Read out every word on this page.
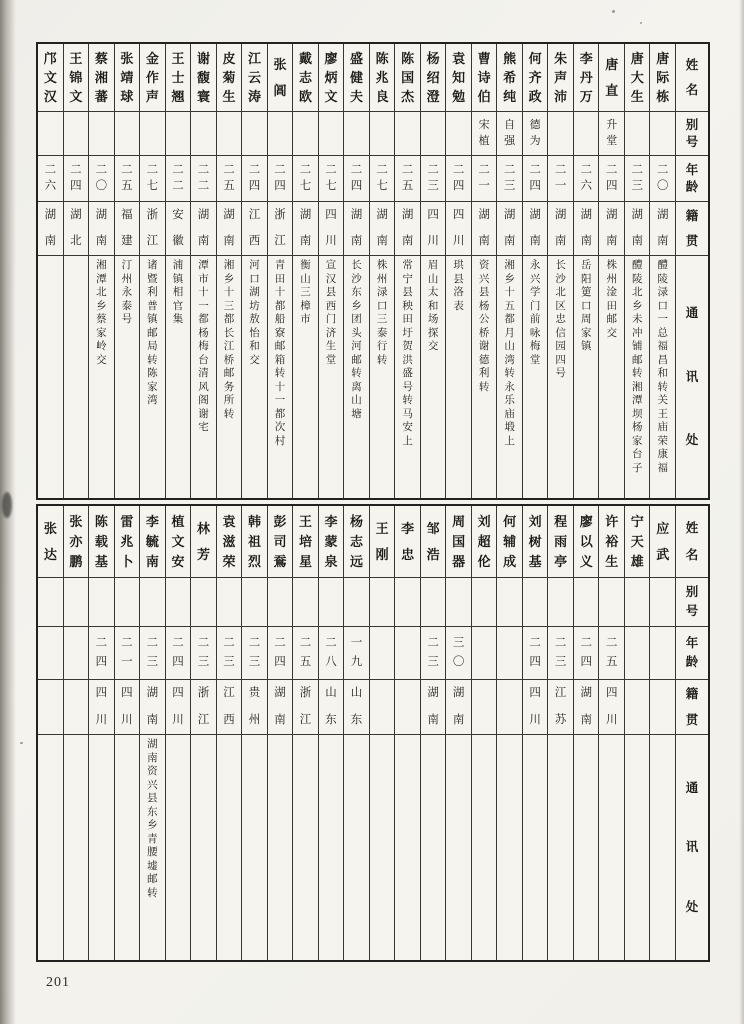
姓
名
别
号
年
龄
籍
贯
通
讯
处
唐
际
栋
二
〇
湖
南
醴
陵
渌
口
一
总
福
昌
和
转
关
王
庙
荣
康
福
唐
大
生
二
三
湖
南
醴
陵
北
乡
未
冲
铺
邮
转
湘
潭
坝
杨
家
台
子
唐
直
升
堂
二
四
湖
南
株
州
淦
田
邮
交
李
丹
万
二
六
湖
南
岳
阳
筻
口
周
家
镇
朱
声
沛
二
一
湖
南
长
沙
北
区
忠
信
园
四
号
何
齐
政
德
为
二
四
湖
南
永
兴
学
门
前
咏
梅
堂
熊
希
纯
自
强
二
三
湖
南
湘
乡
十
五
都
月
山
湾
转
永
乐
庙
塅
上
曹
诗
伯
宋
植
二
一
湖
南
资
兴
县
杨
公
桥
谢
德
利
转
袁
知
勉
二
四
四
川
珙
县
洛
表
杨
绍
澄
二
三
四
川
眉
山
太
和
场
探
交
陈
国
杰
二
五
湖
南
常
宁
县
秧
田
圩
贺
洪
盛
号
转
马
安
上
陈
兆
良
二
七
湖
南
株
州
渌
口
三
泰
行
转
盛
健
夫
二
四
湖
南
长
沙
东
乡
团
头
河
邮
转
离
山
塘
廖
炳
文
二
七
四
川
宣
汉
县
西
门
济
生
堂
戴
志
欧
二
七
湖
南
衡
山
三
樟
市
张
阊
二
四
浙
江
青
田
十
都
船
寮
邮
箱
转
十
一
都
次
村
江
云
涛
二
四
江
西
河
口
湖
坊
敖
怡
和
交
皮
菊
生
二
五
湖
南
湘
乡
十
三
都
长
江
桥
邮
务
所
转
谢
馥
寰
二
二
湖
南
潭
市
十
一
都
杨
梅
台
清
风
阁
谢
宅
王
士
翘
二
二
安
徽
浦
镇
相
官
集
金
作
声
二
七
浙
江
诸
暨
利
普
镇
邮
局
转
陈
家
湾
张
靖
球
二
五
福
建
汀
州
永
泰
号
蔡
湘
蕃
二
〇
湖
南
湘
潭
北
乡
蔡
家
岭
交
王
锦
文
二
四
湖
北
邝
文
汉
二
六
湖
南
姓
名
别
号
年
龄
籍
贯
通
讯
处
应
武
宁
天
雄
许
裕
生
二
五
四
川
廖
以
义
二
四
湖
南
程
雨
亭
二
三
江
苏
刘
树
基
二
四
四
川
何
辅
成
刘
超
伦
周
国
器
三
〇
湖
南
邹
浩
二
三
湖
南
李
忠
王
刚
杨
志
远
一
九
山
东
李
蒙
泉
二
八
山
东
王
培
星
二
五
浙
江
彭
司
鴌
二
四
湖
南
韩
祖
烈
二
三
贵
州
袁
滋
荣
二
三
江
西
林
芳
二
三
浙
江
植
文
安
二
四
四
川
李
毓
南
二
三
湖
南
湖
南
资
兴
县
东
乡
青
腰
墟
邮
转
雷
兆
卜
二
一
四
川
陈
载
基
二
四
四
川
张
亦
鹏
张
达
201
